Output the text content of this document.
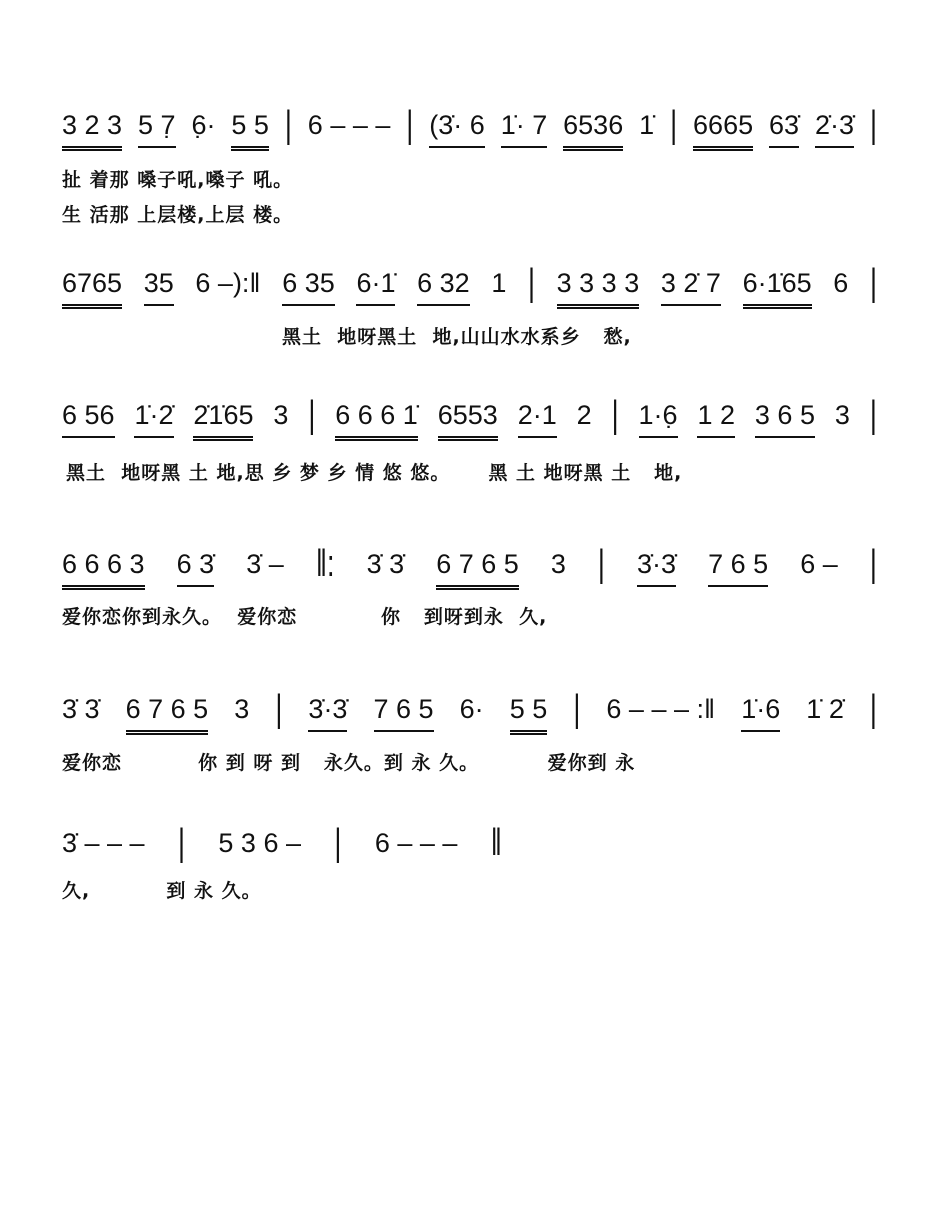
3 2 3 5 7̣ 6̣· 5 5 | 6 – – – | (3̇· 6 1̇· 7 6536 1̇ | 6665 63̇ 2̇·3̇ |
扯 着那 嗓子吼,嗓子 吼。
生 活那 上层楼,上层 楼。
6765 35 6 –):‖ 6 35 6·1̇ 6 32 1 | 3 3 3 3 3 2̇ 7 6·1̇65 6 |
黑土  地呀黑土  地,山山水水系乡   愁,
6 56 1̇·2̇ 2̇1̇65 3 | 6 6 6 1̇ 6553 2·1 2 | 1·6̣ 1 2 3 6 5 3 |
黑土  地呀黑 土 地,思 乡 梦 乡 情 悠 悠。     黑 土 地呀黑 土   地,
6 6 6 3 6 3̇ 3̇ – ‖: 3̇ 3̇ 6 7 6 5 3 | 3̇·3̇ 7 6 5 6 – |
爱你恋你到永久。  爱你恋           你   到呀到永  久,
3̇ 3̇ 6 7 6 5 3 | 3̇·3̇ 7 6 5 6· 5 5 | 6 – – – :‖ 1̇·6 1̇ 2̇ |
爱你恋          你 到 呀 到   永久。到 永 久。         爱你到 永
3̇ – – – | 5 3 6 – | 6 – – – ‖
久,          到 永 久。
